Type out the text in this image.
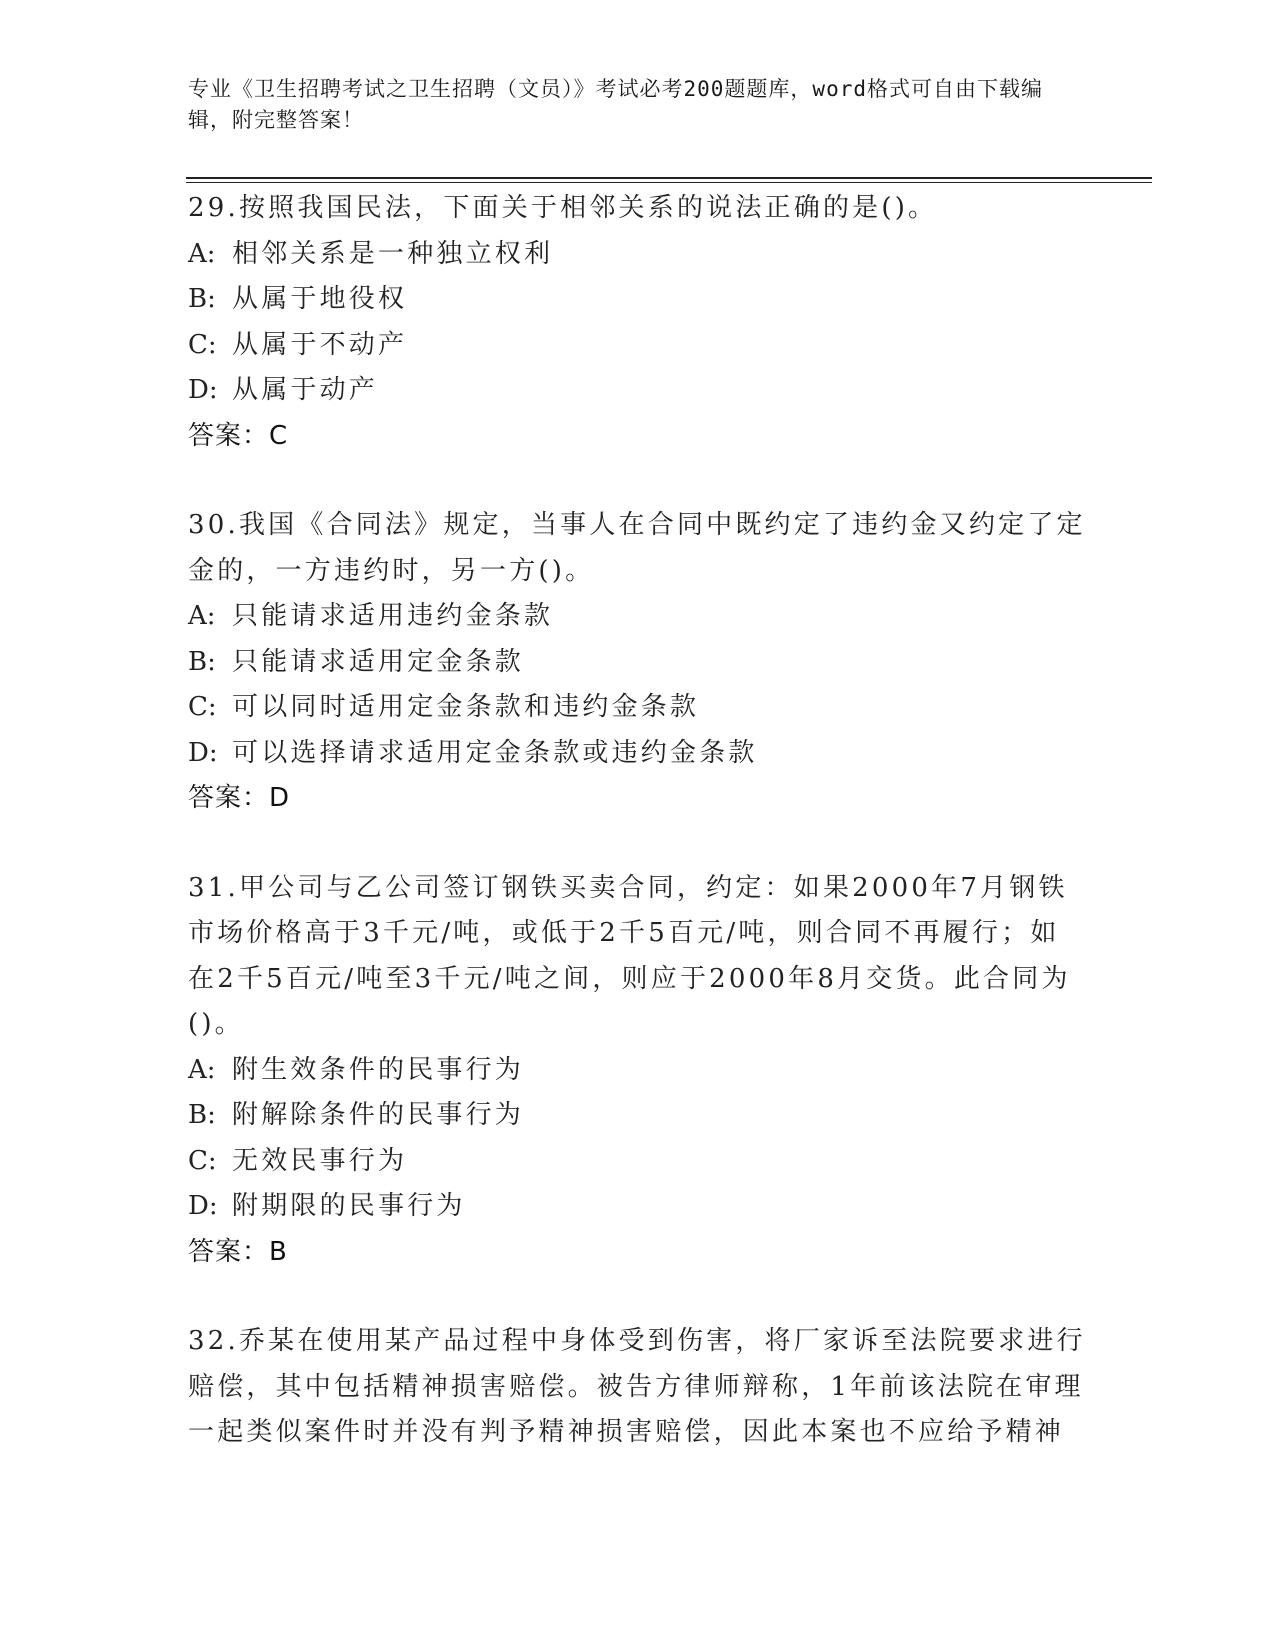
专业《卫生招聘考试之卫生招聘（文员）》考试必考200题题库，word格式可自由下载编辑，附完整答案！
29.按照我国民法，下面关于相邻关系的说法正确的是()。
A: 相邻关系是一种独立权利
B: 从属于地役权
C: 从属于不动产
D: 从属于动产
答案：C
30.我国《合同法》规定，当事人在合同中既约定了违约金又约定了定金的，一方违约时，另一方()。
A: 只能请求适用违约金条款
B: 只能请求适用定金条款
C: 可以同时适用定金条款和违约金条款
D: 可以选择请求适用定金条款或违约金条款
答案：D
31.甲公司与乙公司签订钢铁买卖合同，约定：如果2000年7月钢铁市场价格高于3千元/吨，或低于2千5百元/吨，则合同不再履行；如在2千5百元/吨至3千元/吨之间，则应于2000年8月交货。此合同为()。
A: 附生效条件的民事行为
B: 附解除条件的民事行为
C: 无效民事行为
D: 附期限的民事行为
答案：B
32.乔某在使用某产品过程中身体受到伤害，将厂家诉至法院要求进行赔偿，其中包括精神损害赔偿。被告方律师辩称，1年前该法院在审理一起类似案件时并没有判予精神损害赔偿，因此本案也不应给予精神
